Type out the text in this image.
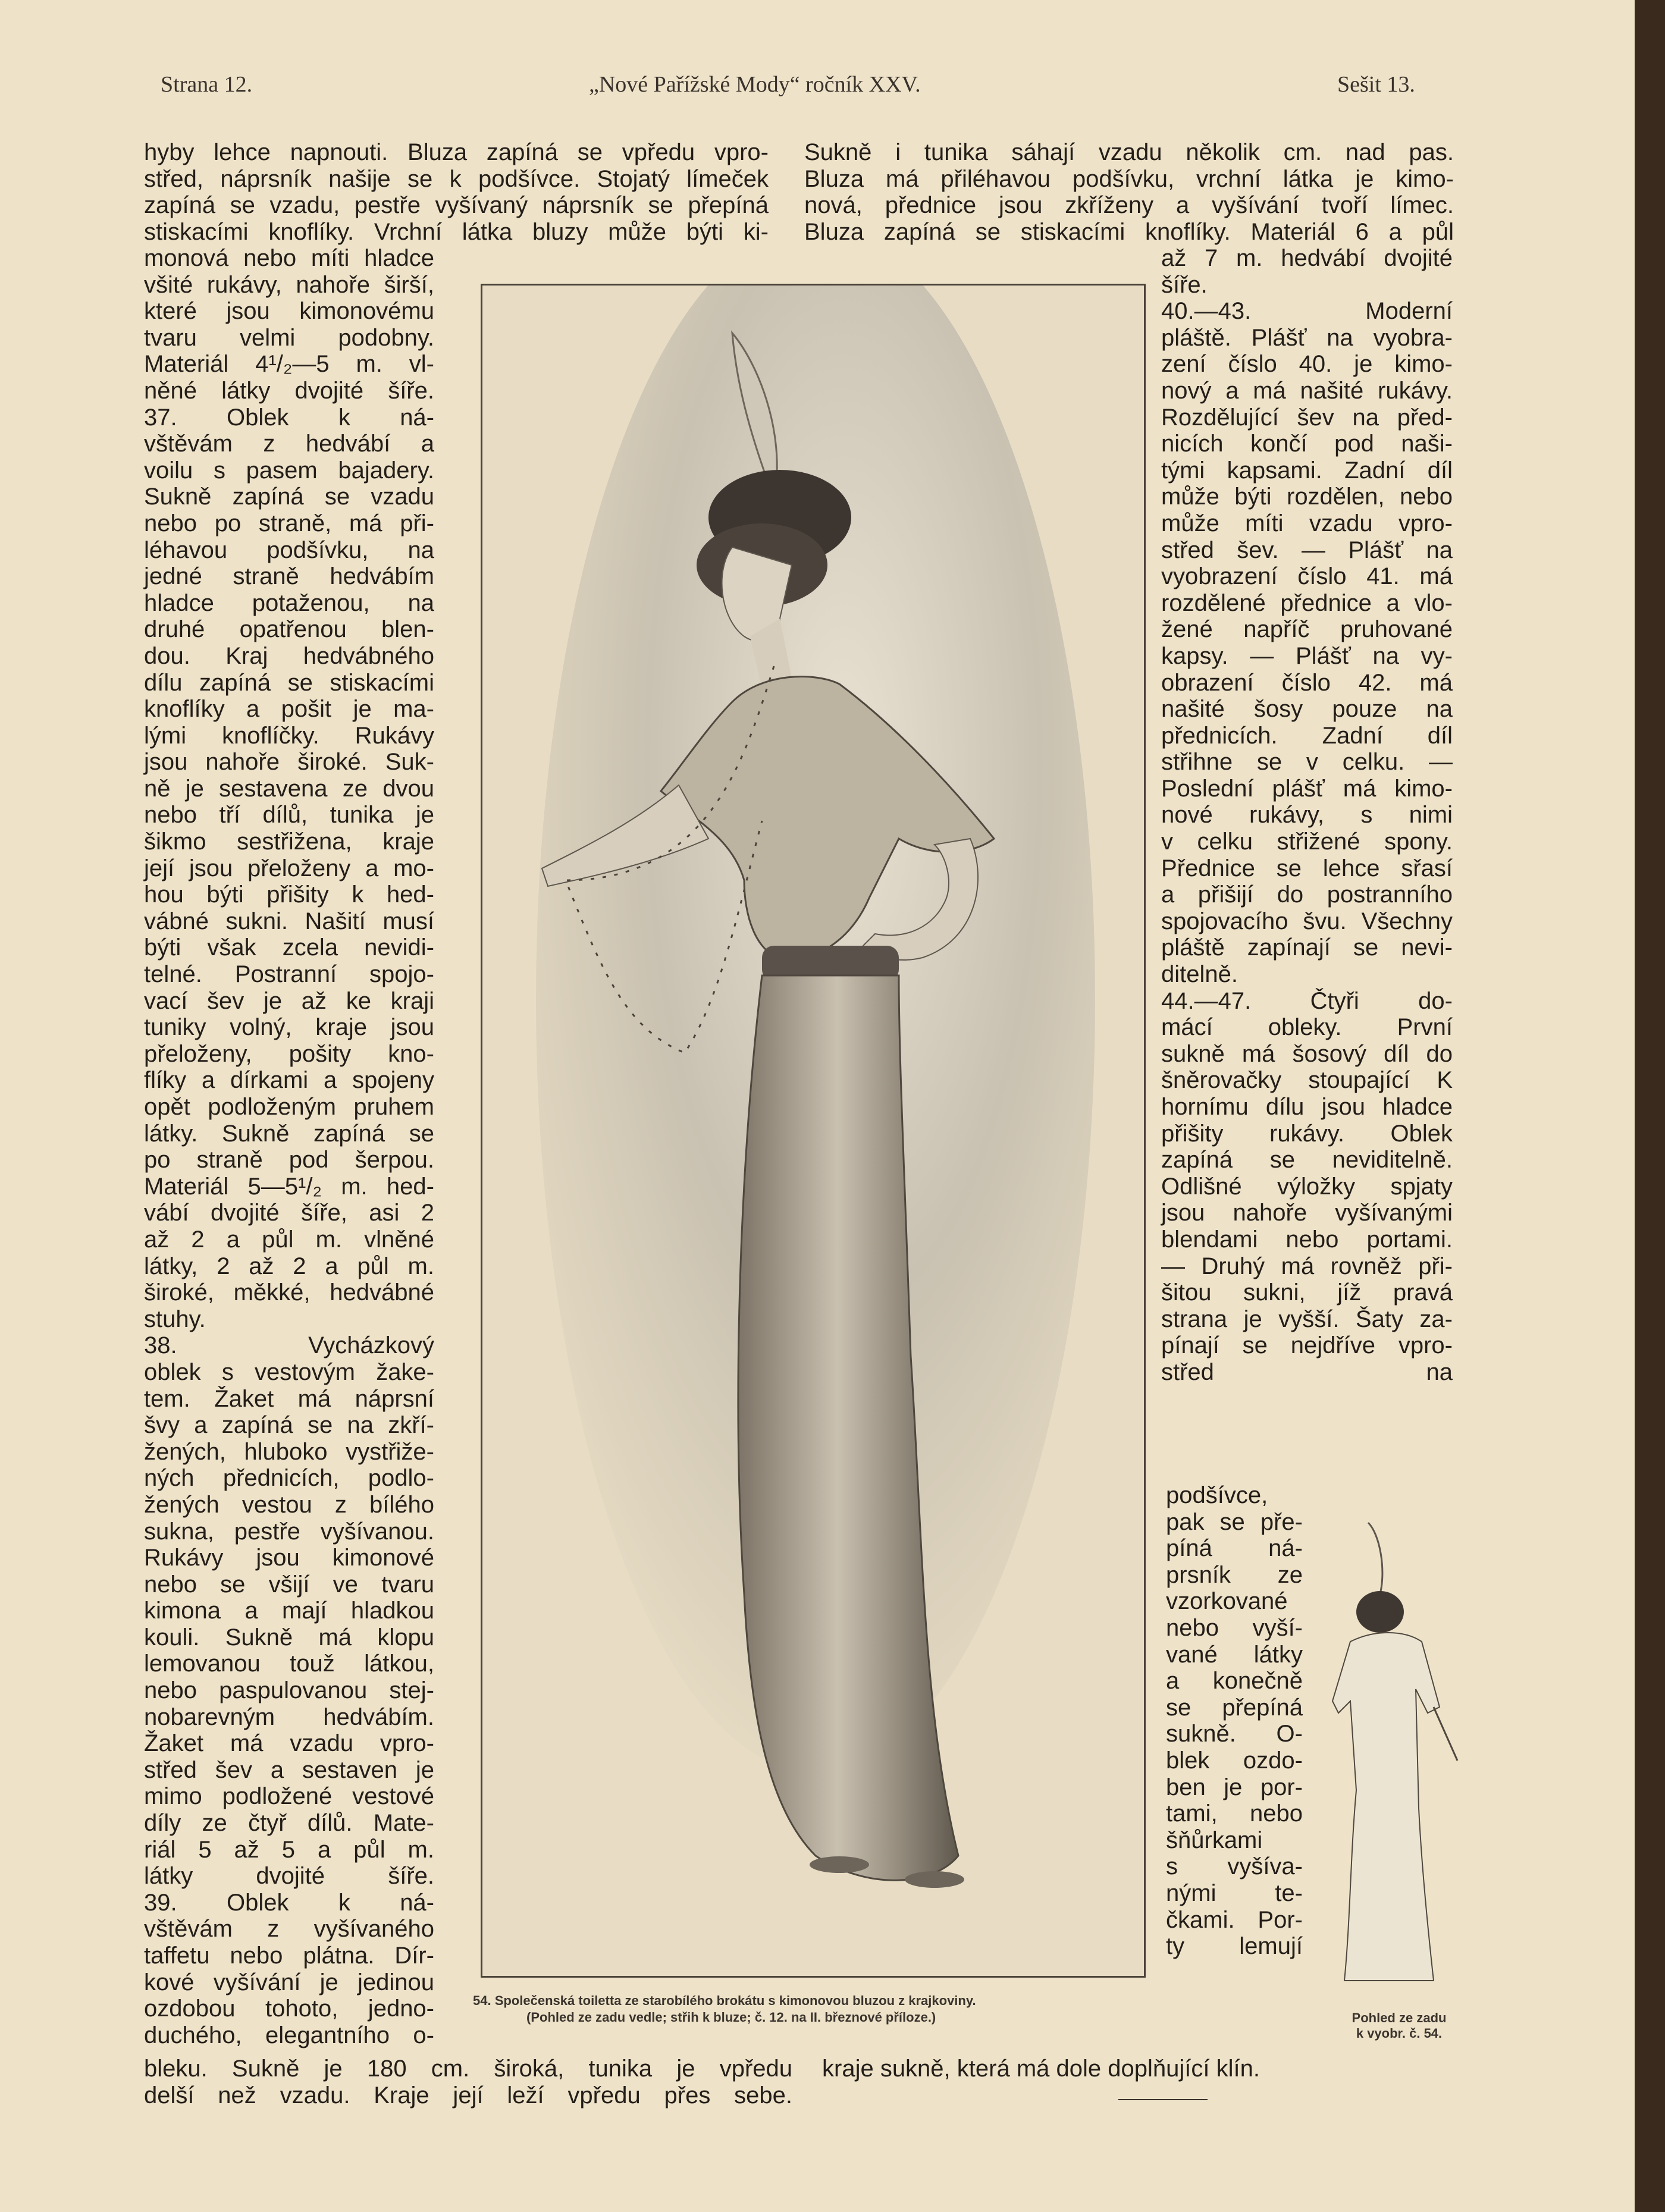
Strana 12.	„Nové Pařížské Mody“ ročník XXV.	Sešit 13.

hyby lehce napnouti. Bluza zapíná se vpředu vpro-

střed, náprsník našije se k podšívce. Stojatý límeček

zapíná se vzadu, pestře vyšívaný náprsník se přepíná

stiskacími knoflíky. Vrchní látka bluzy může býti ki-

Sukně i tunika sáhají vzadu několik cm. nad pas.

Bluza má přiléhavou podšívku, vrchní látka je kimo-

nová, přednice jsou zkříženy a vyšívání tvoří límec.

Bluza zapíná se stiskacími knoflíky. Materiál 6 a půl

monová nebo míti hladce

všité rukávy, nahoře širší,

které jsou kimonovému

tvaru velmi podobny.

Materiál 4¹/₂—5 m. vl-

něné látky dvojité šíře.

37. Oblek k ná-

vštěvám z hedvábí a

voilu s pasem bajadery.

Sukně zapíná se vzadu

nebo po straně, má při-

léhavou podšívku, na

jedné straně hedvábím

hladce potaženou, na

druhé opatřenou blen-

dou. Kraj hedvábného

dílu zapíná se stiskacími

knoflíky a pošit je ma-

lými knoflíčky. Rukávy

jsou nahoře široké. Suk-

ně je sestavena ze dvou

nebo tří dílů, tunika je

šikmo sestřižena, kraje

její jsou přeloženy a mo-

hou býti přišity k hed-

vábné sukni. Našití musí

býti však zcela nevidi-

telné. Postranní spojo-

vací šev je až ke kraji

tuniky volný, kraje jsou

přeloženy, pošity kno-

flíky a dírkami a spojeny

opět podloženým pruhem

látky. Sukně zapíná se

po straně pod šerpou.

Materiál 5—5¹/₂ m. hed-

vábí dvojité šíře, asi 2

až 2 a půl m. vlněné

látky, 2 až 2 a půl m.

široké, měkké, hedvábné

stuhy.

38. Vycházkový

oblek s vestovým žake-

tem. Žaket má náprsní

švy a zapíná se na zkří-

žených, hluboko vystřiže-

ných přednicích, podlo-

žených vestou z bílého

sukna, pestře vyšívanou.

Rukávy jsou kimonové

nebo se všijí ve tvaru

kimona a mají hladkou

kouli. Sukně má klopu

lemovanou touž látkou,

nebo paspulovanou stej-

nobarevným hedvábím.

Žaket má vzadu vpro-

střed šev a sestaven je

mimo podložené vestové

díly ze čtyř dílů. Mate-

riál 5 až 5 a půl m.

látky dvojité šíře.

39. Oblek k ná-

vštěvám z vyšívaného

taffetu nebo plátna. Dír-

kové vyšívání je jedinou

ozdobou tohoto, jedno-

duchého, elegantního o-

až 7 m. hedvábí dvojité

šíře.

40.—43. Moderní

pláště. Plášť na vyobra-

zení číslo 40. je kimo-

nový a má našité rukávy.

Rozdělující šev na před-

nicích končí pod naši-

tými kapsami. Zadní díl

může býti rozdělen, nebo

může míti vzadu vpro-

střed šev. — Plášť na

vyobrazení číslo 41. má

rozdělené přednice a vlo-

žené napříč pruhované

kapsy. — Plášť na vy-

obrazení číslo 42. má

našité šosy pouze na

přednicích. Zadní díl

střihne se v celku. —

Poslední plášť má kimo-

nové rukávy, s nimi

v celku střižené spony.

Přednice se lehce sřasí

a přišijí do postranního

spojovacího švu. Všechny

pláště zapínají se nevi-

ditelně.

44.—47. Čtyři do-

mácí obleky. První

sukně má šosový díl do

šněrovačky stoupající K

hornímu dílu jsou hladce

přišity rukávy. Oblek

zapíná se neviditelně.

Odlišné výložky spjaty

jsou nahoře vyšívanými

blendami nebo portami.

— Druhý má rovněž při-

šitou sukni, jíž pravá

strana je vyšší. Šaty za-

pínají se nejdříve vpro-

střed na

podšívce,

pak se pře-

píná ná-

prsník ze

vzorkované

nebo vyší-

vané látky

a konečně

se přepíná

sukně. O-

blek ozdo-

ben je por-

tami, nebo

šňůrkami

s vyšíva-

nými te-

čkami. Por-

ty lemují

bleku. Sukně je 180 cm. široká, tunika je vpředu

delší než vzadu. Kraje její leží vpředu přes sebe.

kraje sukně, která má dole doplňující klín.
54. Společenská toiletta ze starobílého brokátu s kimonovou bluzou z krajkoviny.
(Pohled ze zadu vedle; střih k bluze; č. 12. na II. březnové příloze.)	Pohled ze zadu
k vyobr. č. 54.
